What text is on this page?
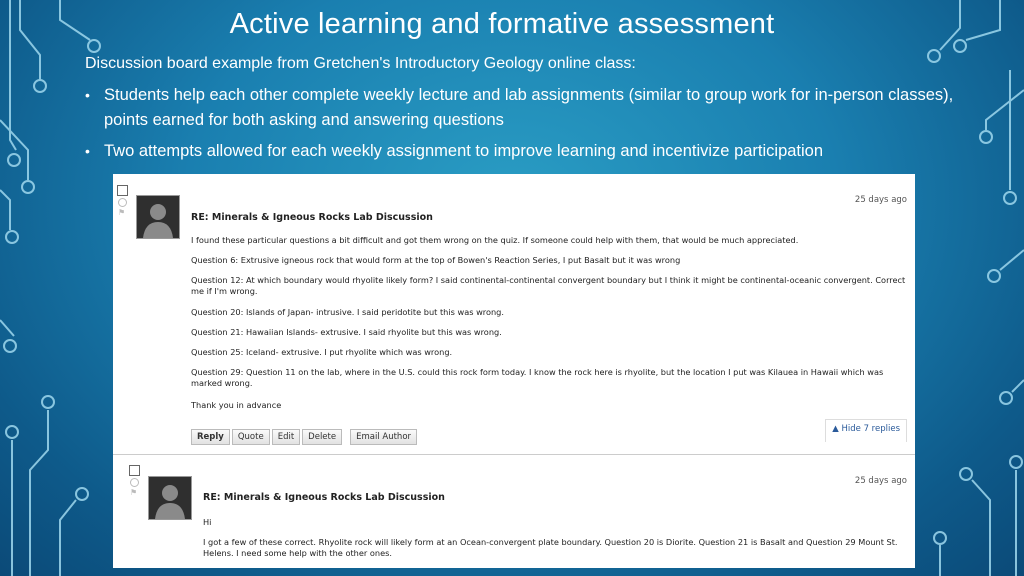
Active learning and formative assessment
Discussion board example from Gretchen's Introductory Geology online class:
• Students help each other complete weekly lecture and lab assignments (similar to group work for in-person classes), points earned for both asking and answering questions
• Two attempts allowed for each weekly assignment to improve learning and incentivize participation
⚑
25 days ago
RE: Minerals & Igneous Rocks Lab Discussion
I found these particular questions a bit difficult and got them wrong on the quiz. If someone could help with them, that would be much appreciated.
Question 6: Extrusive igneous rock that would form at the top of Bowen's Reaction Series, I put Basalt but it was wrong
Question 12: At which boundary would rhyolite likely form? I said continental-continental convergent boundary but I think it might be continental-oceanic convergent. Correct me if I'm wrong.
Question 20: Islands of Japan- intrusive. I said peridotite but this was wrong.
Question 21: Hawaiian Islands- extrusive. I said rhyolite but this was wrong.
Question 25: Iceland- extrusive. I put rhyolite which was wrong.
Question 29: Question 11 on the lab, where in the U.S. could this rock form today. I know the rock here is rhyolite, but the location I put was Kilauea in Hawaii which was marked wrong.
Thank you in advance
Reply Quote Edit Delete Email Author
▲ Hide 7 replies
⚑
25 days ago
RE: Minerals & Igneous Rocks Lab Discussion
Hi
I got a few of these correct. Rhyolite rock will likely form at an Ocean-convergent plate boundary. Question 20 is Diorite. Question 21 is Basalt and Question 29 Mount St. Helens. I need some help with the other ones.
